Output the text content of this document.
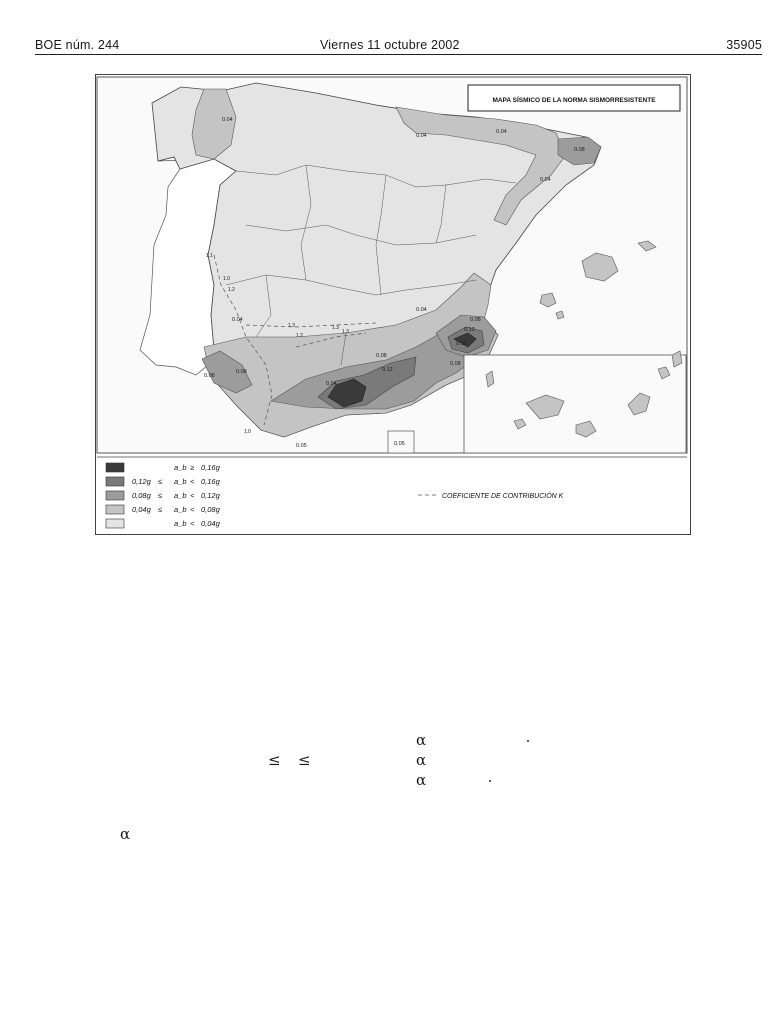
BOE núm. 244	Viernes 11 octubre 2002	35905
MAPA SÍSMICO DE LA NORMA SISMORRESISTENTE
0.04
0.04
0.04
0.08
0.04
0.04
0.04
0.08
0.12
0.16
0.08
0.08	0.12
0.08
0.08
0.04
0.05	0.05
1.1
1.0
1.2
1.3
1.2
1.3
1.3
1.0
a_b ≥ 0,16g
0,12g ≤ a_b < 0,16g
0,08g ≤ a_b < 0,12g
0,04g ≤ a_b < 0,08g
a_b < 0,04g
COEFICIENTE DE CONTRIBUCIÓN K
α
≤ ≤	α
α
α
